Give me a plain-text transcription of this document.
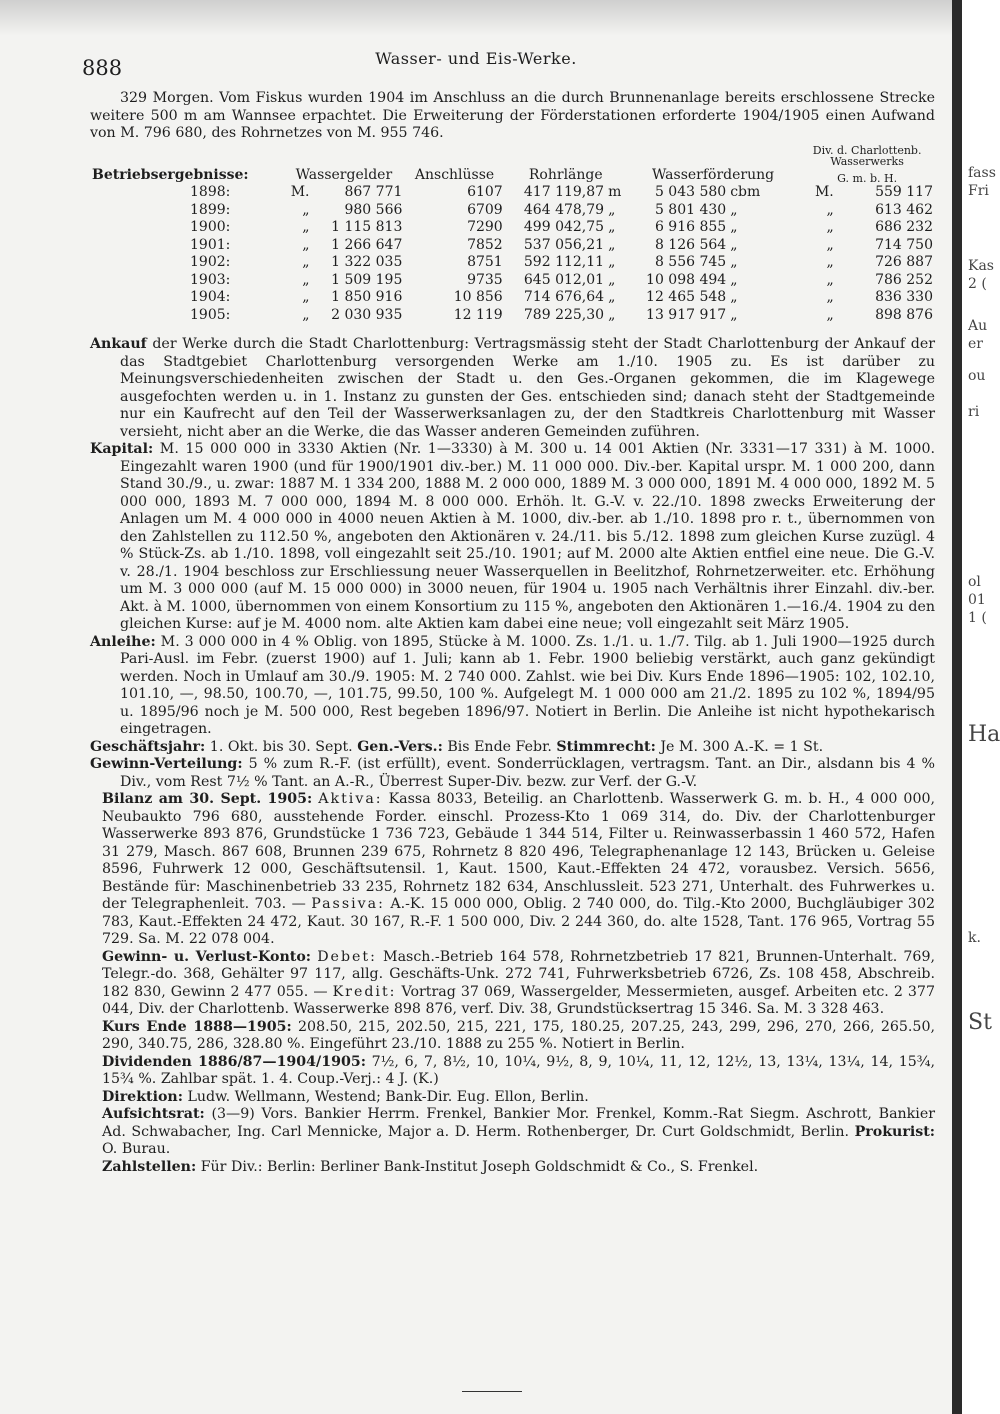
888	Wasser- und Eis-Werke.

329 Morgen. Vom Fiskus wurden 1904 im Anschluss an die durch Brunnenanlage bereits erschlossene Strecke weitere 500 m am Wannsee erpachtet. Die Erweiterung der Förderstationen erforderte 1904/1905 einen Aufwand von M. 796 680, des Rohrnetzes von M. 955 746.

									Div. d. Charlottenb.	
									Wasserwerks	
Betriebsergebnisse:	Wassergelder		Anschlüsse	Rohrlänge		Wasserförderung			G. m. b. H.	
1898:	M.	867 771	6107	417 119,87	m	5 043 580	cbm		M.	559 117
1899:	„	980 566	6709	464 478,79	„	5 801 430	„		„	613 462
1900:	„	1 115 813	7290	499 042,75	„	6 916 855	„		„	686 232
1901:	„	1 266 647	7852	537 056,21	„	8 126 564	„		„	714 750
1902:	„	1 322 035	8751	592 112,11	„	8 556 745	„		„	726 887
1903:	„	1 509 195	9735	645 012,01	„	10 098 494	„		„	786 252
1904:	„	1 850 916	10 856	714 676,64	„	12 465 548	„		„	836 330
1905:	„	2 030 935	12 119	789 225,30	„	13 917 917	„		„	898 876

Ankauf der Werke durch die Stadt Charlottenburg: Vertragsmässig steht der Stadt Charlottenburg der Ankauf der das Stadtgebiet Charlottenburg versorgenden Werke am 1./10. 1905 zu. Es ist darüber zu Meinungsverschiedenheiten zwischen der Stadt u. den Ges.-Organen gekommen, die im Klagewege ausgefochten werden u. in 1. Instanz zu gunsten der Ges. entschieden sind; danach steht der Stadtgemeinde nur ein Kaufrecht auf den Teil der Wasserwerksanlagen zu, der den Stadtkreis Charlottenburg mit Wasser versieht, nicht aber an die Werke, die das Wasser anderen Gemeinden zuführen.

Kapital: M. 15 000 000 in 3330 Aktien (Nr. 1—3330) à M. 300 u. 14 001 Aktien (Nr. 3331—17 331) à M. 1000. Eingezahlt waren 1900 (und für 1900/1901 div.-ber.) M. 11 000 000. Div.-ber. Kapital urspr. M. 1 000 200, dann Stand 30./9., u. zwar: 1887 M. 1 334 200, 1888 M. 2 000 000, 1889 M. 3 000 000, 1891 M. 4 000 000, 1892 M. 5 000 000, 1893 M. 7 000 000, 1894 M. 8 000 000. Erhöh. lt. G.-V. v. 22./10. 1898 zwecks Erweiterung der Anlagen um M. 4 000 000 in 4000 neuen Aktien à M. 1000, div.-ber. ab 1./10. 1898 pro r. t., übernommen von den Zahlstellen zu 112.50 %, angeboten den Aktionären v. 24./11. bis 5./12. 1898 zum gleichen Kurse zuzügl. 4 % Stück-Zs. ab 1./10. 1898, voll eingezahlt seit 25./10. 1901; auf M. 2000 alte Aktien entfiel eine neue. Die G.-V. v. 28./1. 1904 beschloss zur Erschliessung neuer Wasserquellen in Beelitzhof, Rohrnetzerweiter. etc. Erhöhung um M. 3 000 000 (auf M. 15 000 000) in 3000 neuen, für 1904 u. 1905 nach Verhältnis ihrer Einzahl. div.-ber. Akt. à M. 1000, übernommen von einem Konsortium zu 115 %, angeboten den Aktionären 1.—16./4. 1904 zu den gleichen Kurse: auf je M. 4000 nom. alte Aktien kam dabei eine neue; voll eingezahlt seit März 1905.

Anleihe: M. 3 000 000 in 4 % Oblig. von 1895, Stücke à M. 1000. Zs. 1./1. u. 1./7. Tilg. ab 1. Juli 1900—1925 durch Pari-Ausl. im Febr. (zuerst 1900) auf 1. Juli; kann ab 1. Febr. 1900 beliebig verstärkt, auch ganz gekündigt werden. Noch in Umlauf am 30./9. 1905: M. 2 740 000. Zahlst. wie bei Div. Kurs Ende 1896—1905: 102, 102.10, 101.10, —, 98.50, 100.70, —, 101.75, 99.50, 100 %. Aufgelegt M. 1 000 000 am 21./2. 1895 zu 102 %, 1894/95 u. 1895/96 noch je M. 500 000, Rest begeben 1896/97. Notiert in Berlin. Die Anleihe ist nicht hypothekarisch eingetragen.

Geschäftsjahr: 1. Okt. bis 30. Sept. Gen.-Vers.: Bis Ende Febr. Stimmrecht: Je M. 300 A.-K. = 1 St.

Gewinn-Verteilung: 5 % zum R.-F. (ist erfüllt), event. Sonderrücklagen, vertragsm. Tant. an Dir., alsdann bis 4 % Div., vom Rest 7½ % Tant. an A.-R., Überrest Super-Div. bezw. zur Verf. der G.-V.

Bilanz am 30. Sept. 1905: Aktiva: Kassa 8033, Beteilig. an Charlottenb. Wasserwerk G. m. b. H., 4 000 000, Neubaukto 796 680, ausstehende Forder. einschl. Prozess-Kto 1 069 314, do. Div. der Charlottenburger Wasserwerke 893 876, Grundstücke 1 736 723, Gebäude 1 344 514, Filter u. Reinwasserbassin 1 460 572, Hafen 31 279, Masch. 867 608, Brunnen 239 675, Rohrnetz 8 820 496, Telegraphenanlage 12 143, Brücken u. Geleise 8596, Fuhrwerk 12 000, Geschäftsutensil. 1, Kaut. 1500, Kaut.-Effekten 24 472, vorausbez. Versich. 5656, Bestände für: Maschinenbetrieb 33 235, Rohrnetz 182 634, Anschlussleit. 523 271, Unterhalt. des Fuhrwerkes u. der Telegraphenleit. 703. — Passiva: A.-K. 15 000 000, Oblig. 2 740 000, do. Tilg.-Kto 2000, Buchgläubiger 302 783, Kaut.-Effekten 24 472, Kaut. 30 167, R.-F. 1 500 000, Div. 2 244 360, do. alte 1528, Tant. 176 965, Vortrag 55 729. Sa. M. 22 078 004.

Gewinn- u. Verlust-Konto: Debet: Masch.-Betrieb 164 578, Rohrnetzbetrieb 17 821, Brunnen-Unterhalt. 769, Telegr.-do. 368, Gehälter 97 117, allg. Geschäfts-Unk. 272 741, Fuhrwerksbetrieb 6726, Zs. 108 458, Abschreib. 182 830, Gewinn 2 477 055. — Kredit: Vortrag 37 069, Wassergelder, Messermieten, ausgef. Arbeiten etc. 2 377 044, Div. der Charlottenb. Wasserwerke 898 876, verf. Div. 38, Grundstücksertrag 15 346. Sa. M. 3 328 463.

Kurs Ende 1888—1905: 208.50, 215, 202.50, 215, 221, 175, 180.25, 207.25, 243, 299, 296, 270, 266, 265.50, 290, 340.75, 286, 328.80 %. Eingeführt 23./10. 1888 zu 255 %. Notiert in Berlin.

Dividenden 1886/87—1904/1905: 7½, 6, 7, 8½, 10, 10¼, 9½, 8, 9, 10¼, 11, 12, 12½, 13, 13¼, 13¼, 14, 15¾, 15¾ %. Zahlbar spät. 1. 4. Coup.-Verj.: 4 J. (K.)

Direktion: Ludw. Wellmann, Westend; Bank-Dir. Eug. Ellon, Berlin.

Aufsichtsrat: (3—9) Vors. Bankier Herrm. Frenkel, Bankier Mor. Frenkel, Komm.-Rat Siegm. Aschrott, Bankier Ad. Schwabacher, Ing. Carl Mennicke, Major a. D. Herm. Rothenberger, Dr. Curt Goldschmidt, Berlin. Prokurist: O. Burau.

Zahlstellen: Für Div.: Berlin: Berliner Bank-Institut Joseph Goldschmidt & Co., S. Frenkel.

fass
Fri
Kas
2 (
Au
er
ou
ri
ol
01
1 (
Ha
k.
St
